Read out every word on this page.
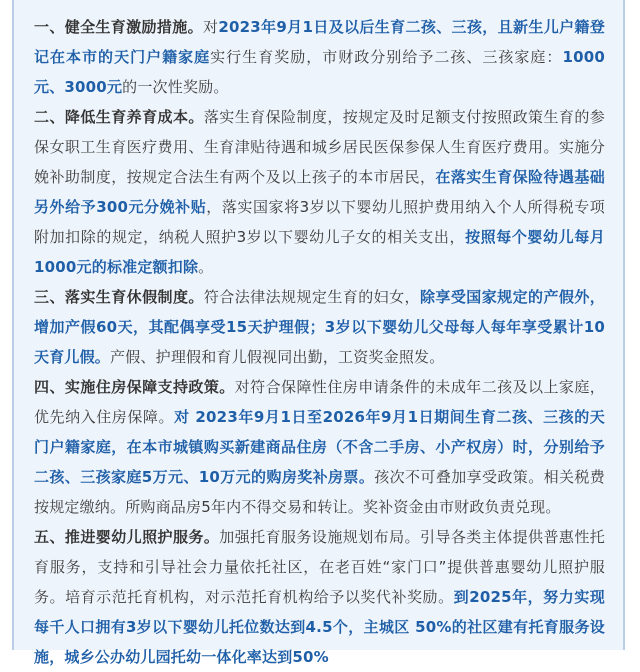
一、健全生育激励措施。对2023年9月1日及以后生育二孩、三孩，且新生儿户籍登记在本市的天门户籍家庭实行生育奖励，市财政分别给予二孩、三孩家庭：1000元、3000元的一次性奖励。

二、降低生育养育成本。落实生育保险制度，按规定及时足额支付按照政策生育的参保女职工生育医疗费用、生育津贴待遇和城乡居民医保参保人生育医疗费用。实施分娩补助制度，按规定合法生有两个及以上孩子的本市居民，在落实生育保险待遇基础另外给予300元分娩补贴，落实国家将3岁以下婴幼儿照护费用纳入个人所得税专项附加扣除的规定，纳税人照护3岁以下婴幼儿子女的相关支出，按照每个婴幼儿每月1000元的标准定额扣除。

三、落实生育休假制度。符合法律法规规定生育的妇女，除享受国家规定的产假外，增加产假60天，其配偶享受15天护理假；3岁以下婴幼儿父母每人每年享受累计10天育儿假。产假、护理假和育儿假视同出勤，工资奖金照发。

四、实施住房保障支持政策。对符合保障性住房申请条件的未成年二孩及以上家庭，优先纳入住房保障。对 2023年9月1日至2026年9月1日期间生育二孩、三孩的天门户籍家庭，在本市城镇购买新建商品住房（不含二手房、小产权房）时，分别给予二孩、三孩家庭5万元、10万元的购房奖补房票。孩次不可叠加享受政策。相关税费按规定缴纳。所购商品房5年内不得交易和转让。奖补资金由市财政负责兑现。

五、推进婴幼儿照护服务。加强托育服务设施规划布局。引导各类主体提供普惠性托育服务，支持和引导社会力量依托社区，在老百姓“家门口”提供普惠婴幼儿照护服务。培育示范托育机构，对示范托育机构给予以奖代补奖励。到2025年，努力实现每千人口拥有3岁以下婴幼儿托位数达到4.5个，主城区 50%的社区建有托育服务设施，城乡公办幼儿园托幼一体化率达到50%
